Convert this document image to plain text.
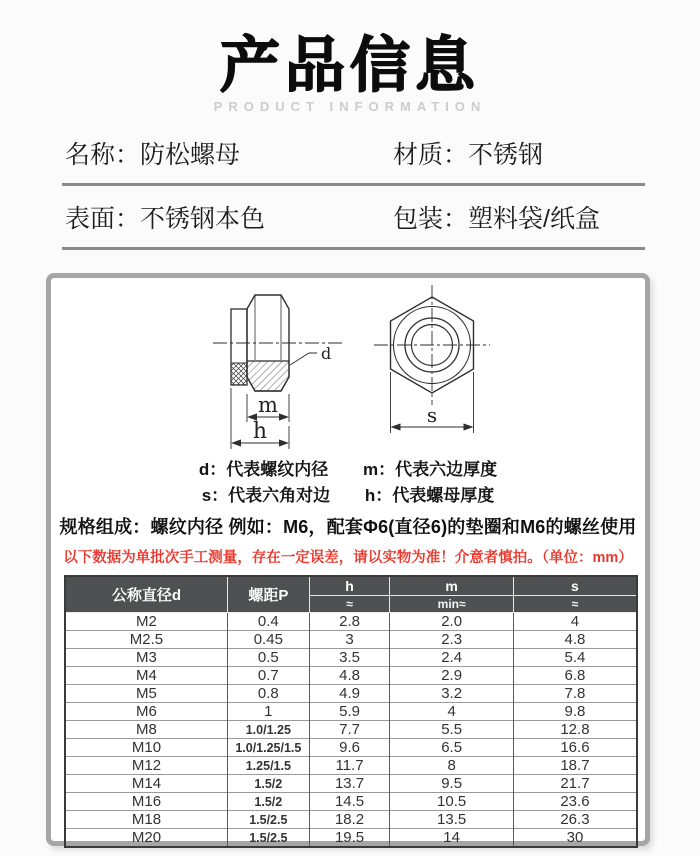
产品信息
PRODUCT INFORMATION
名称：防松螺母	材质：不锈钢
表面：不锈钢本色	包装：塑料袋/纸盒
d
m
h
s
d：代表螺纹内径 m：代表六边厚度
s：代表六角对边 h：代表螺母厚度
规格组成：螺纹内径 例如：M6，配套Φ6(直径6)的垫圈和M6的螺丝使用
以下数据为单批次手工测量，存在一定误差，请以实物为准！介意者慎拍。（单位：mm）
公称直径d	螺距P	h	m	s
		≈	min≈	≈
M2	0.4	2.8	2.0	4
M2.5	0.45	3	2.3	4.8
M3	0.5	3.5	2.4	5.4
M4	0.7	4.8	2.9	6.8
M5	0.8	4.9	3.2	7.8
M6	1	5.9	4	9.8
M8	1.0/1.25	7.7	5.5	12.8
M10	1.0/1.25/1.5	9.6	6.5	16.6
M12	1.25/1.5	11.7	8	18.7
M14	1.5/2	13.7	9.5	21.7
M16	1.5/2	14.5	10.5	23.6
M18	1.5/2.5	18.2	13.5	26.3
M20	1.5/2.5	19.5	14	30
